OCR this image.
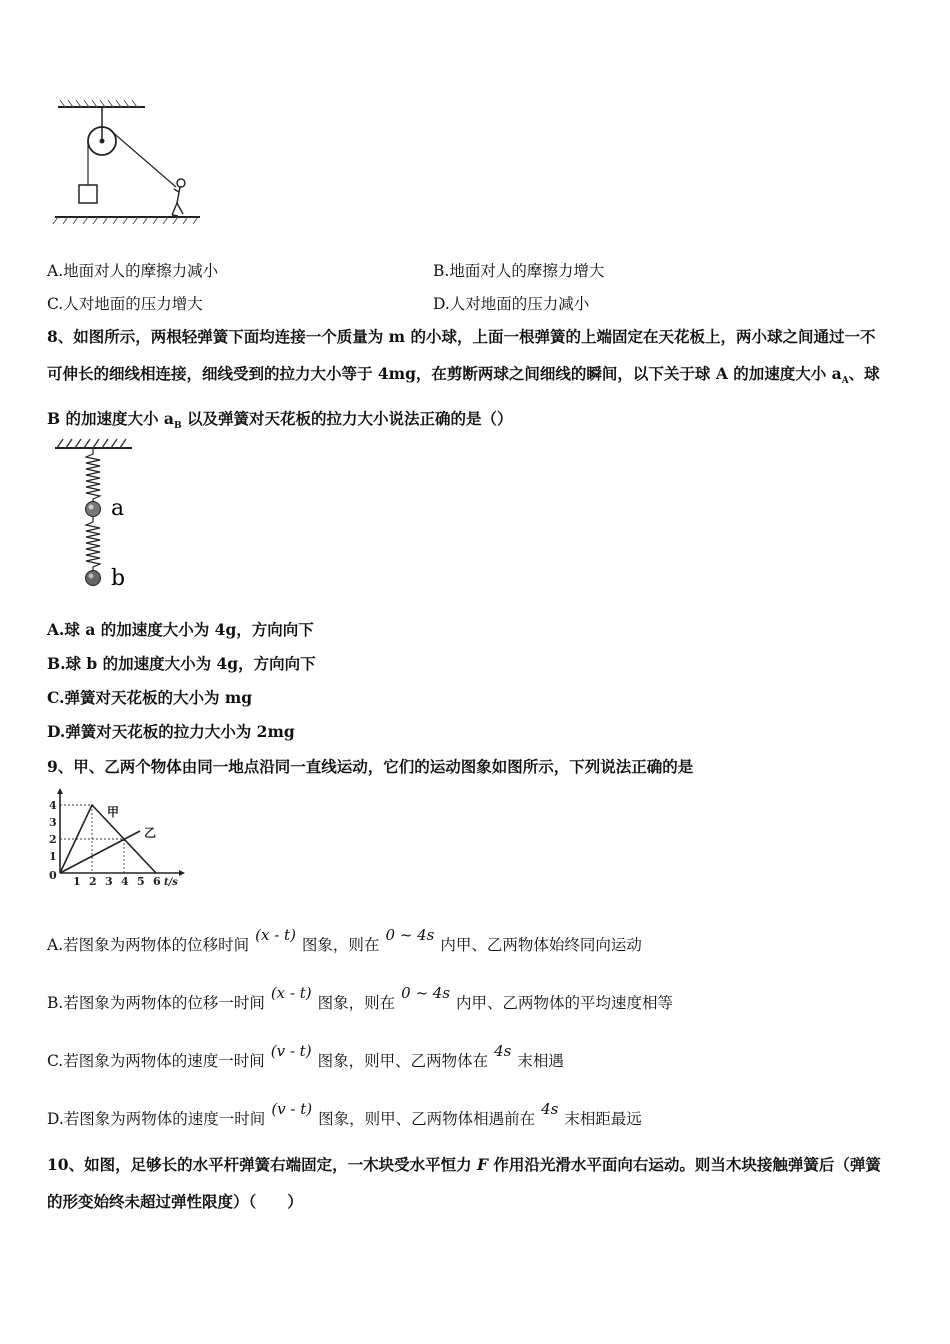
A.地面对人的摩擦力减小	B.地面对人的摩擦力增大
C.人对地面的压力增大	D.人对地面的压力减小
8、如图所示，两根轻弹簧下面均连接一个质量为 m 的小球，上面一根弹簧的上端固定在天花板上，两小球之间通过一不
可伸长的细线相连接，细线受到的拉力大小等于 4mg，在剪断两球之间细线的瞬间，以下关于球 A 的加速度大小 $a_A$、球
B 的加速度大小 $a_B$ 以及弹簧对天花板的拉力大小说法正确的是（）
a
b
A.球 a 的加速度大小为 4g，方向向下
B.球 b 的加速度大小为 4g，方向向下
C.弹簧对天花板的大小为 mg
D.弹簧对天花板的拉力大小为 2mg
9、甲、乙两个物体由同一地点沿同一直线运动，它们的运动图象如图所示，下列说法正确的是
4
3
2
1
0 1 2 3 4 5 6 t/s
甲
乙
A.若图象为两物体的位移时间(x - t)图象，则在0 ~ 4s内甲、乙两物体始终同向运动
B.若图象为两物体的位移一时间(x - t)图象，则在0 ~ 4s内甲、乙两物体的平均速度相等
C.若图象为两物体的速度一时间(v - t)图象，则甲、乙两物体在4s末相遇
D.若图象为两物体的速度一时间(v - t)图象，则甲、乙两物体相遇前在4s末相距最远
10、如图，足够长的水平杆弹簧右端固定，一木块受水平恒力 F 作用沿光滑水平面向右运动。则当木块接触弹簧后（弹簧
的形变始终未超过弹性限度）（　　）
